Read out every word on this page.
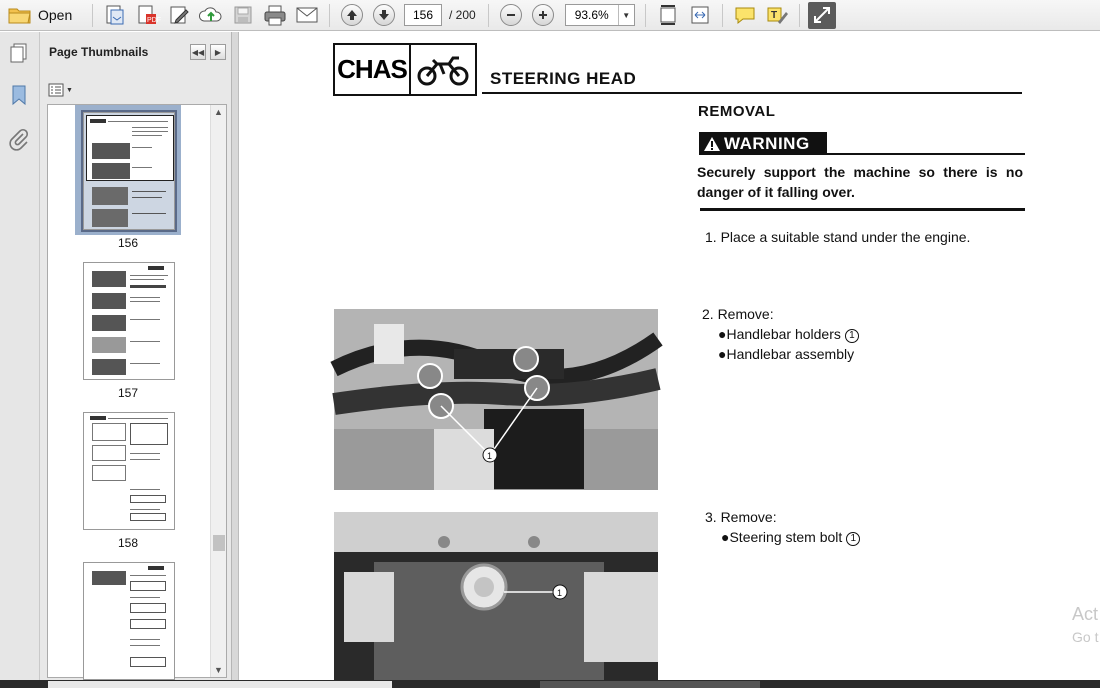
Open	PDF	156	/ 200	93.6%	▼	T
Page Thumbnails	◀◀ ▶
▼
156
157
158
▲
▼
CHAS	STEERING HEAD
REMOVAL
WARNING
Securely support the machine so there is no danger of it falling over.
1. Place a suitable stand under the engine.
2. Remove:
●Handlebar holders 1
●Handlebar assembly
3. Remove:
●Steering stem bolt 1
1
1
Act
Go t
